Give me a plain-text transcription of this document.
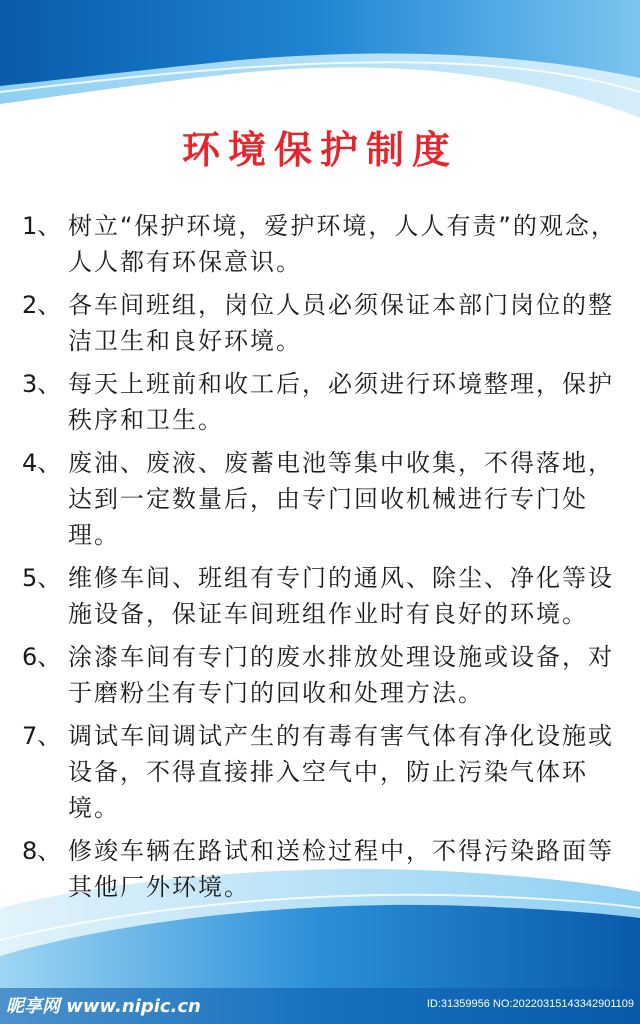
环境保护制度
1、 树立“保护环境，爱护环境，人人有责”的观念，人人都有环保意识。
2、 各车间班组，岗位人员必须保证本部门岗位的整洁卫生和良好环境。
3、 每天上班前和收工后，必须进行环境整理，保护秩序和卫生。
4、 废油、废液、废蓄电池等集中收集，不得落地，达到一定数量后，由专门回收机械进行专门处理。
5、 维修车间、班组有专门的通风、除尘、净化等设施设备，保证车间班组作业时有良好的环境。
6、 涂漆车间有专门的废水排放处理设施或设备，对于磨粉尘有专门的回收和处理方法。
7、 调试车间调试产生的有毒有害气体有净化设施或设备，不得直接排入空气中，防止污染气体环境。
8、 修竣车辆在路试和送检过程中，不得污染路面等其他厂外环境。
昵享网 www.nipic.cn	ID:31359956 NO:20220315143342901109
